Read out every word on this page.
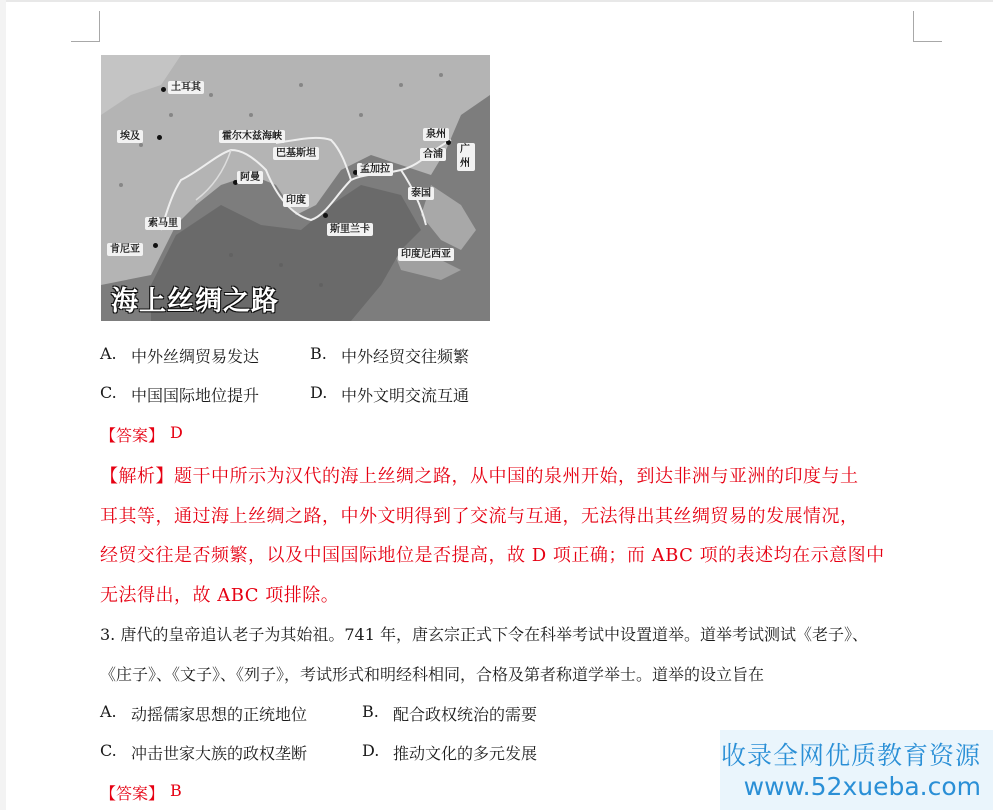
土耳其
埃及	霍尔木兹海峡
巴基斯坦
泉州
合浦	广州
阿曼
孟加拉
印度
泰国
索马里
斯里兰卡
肯尼亚	印度尼西亚
海上丝绸之路
A. 中外丝绸贸易发达	B. 中外经贸交往频繁
C. 中国国际地位提升	D. 中外文明交流互通
【答案】 D
【解析】题干中所示为汉代的海上丝绸之路，从中国的泉州开始，到达非洲与亚洲的印度与土
耳其等，通过海上丝绸之路，中外文明得到了交流与互通，无法得出其丝绸贸易的发展情况，
经贸交往是否频繁，以及中国国际地位是否提高，故 D 项正确；而 ABC 项的表述均在示意图中
无法得出，故 ABC 项排除。
3. 唐代的皇帝追认老子为其始祖。741 年，唐玄宗正式下令在科举考试中设置道举。道举考试测试《老子》、
《庄子》、《文子》、《列子》，考试形式和明经科相同，合格及第者称道学举士。道举的设立旨在
A. 动摇儒家思想的正统地位	B. 配合政权统治的需要
C. 冲击世家大族的政权垄断	D. 推动文化的多元发展
【答案】 B
收录全网优质教育资源
www.52xueba.com
